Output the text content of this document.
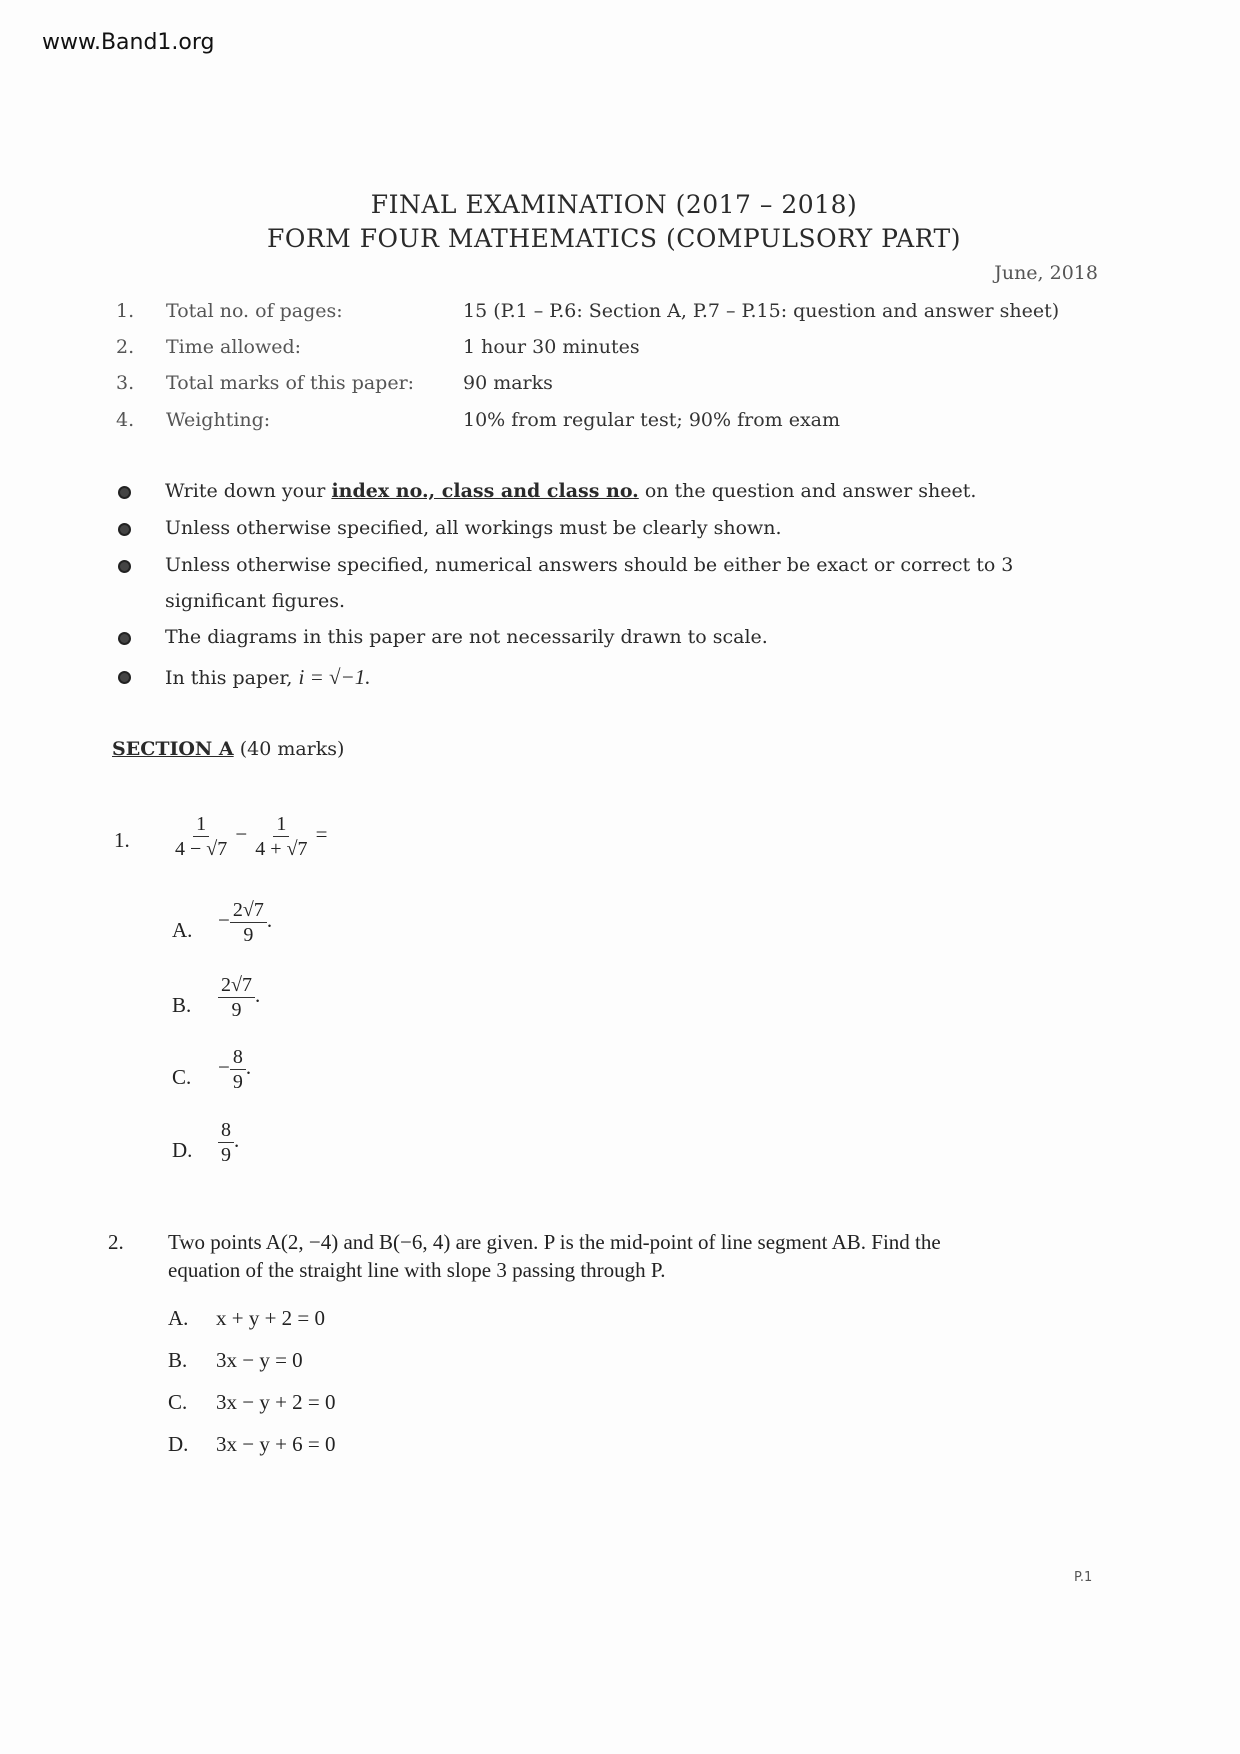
www.Band1.org
FINAL EXAMINATION (2017 – 2018)
FORM FOUR MATHEMATICS (COMPULSORY PART)
June, 2018
1. Total no. of pages:	15 (P.1 – P.6: Section A, P.7 – P.15: question and answer sheet)
2. Time allowed:	1 hour 30 minutes
3. Total marks of this paper:	90 marks
4. Weighting:	10% from regular test; 90% from exam
Write down your index no., class and class no. on the question and answer sheet.
Unless otherwise specified, all workings must be clearly shown.
Unless otherwise specified, numerical answers should be either be exact or correct to 3
significant figures.
The diagrams in this paper are not necessarily drawn to scale.
In this paper, i = √−1.
SECTION A (40 marks)
1. $\frac{1}{4 - √7} - \frac{1}{4 + √7}$ =
A. − $\frac{2√7}{9}$ .
B. $\frac{2√7}{9}$ .
C. − $\frac{8}{9}$ .
D. $\frac{8}{9}$ .
2. Two points A(2, −4) and B(−6, 4) are given. P is the mid-point of line segment AB. Find the
equation of the straight line with slope 3 passing through P.
A. x + y + 2 = 0
B. 3x − y = 0
C. 3x − y + 2 = 0
D. 3x − y + 6 = 0
P.1
